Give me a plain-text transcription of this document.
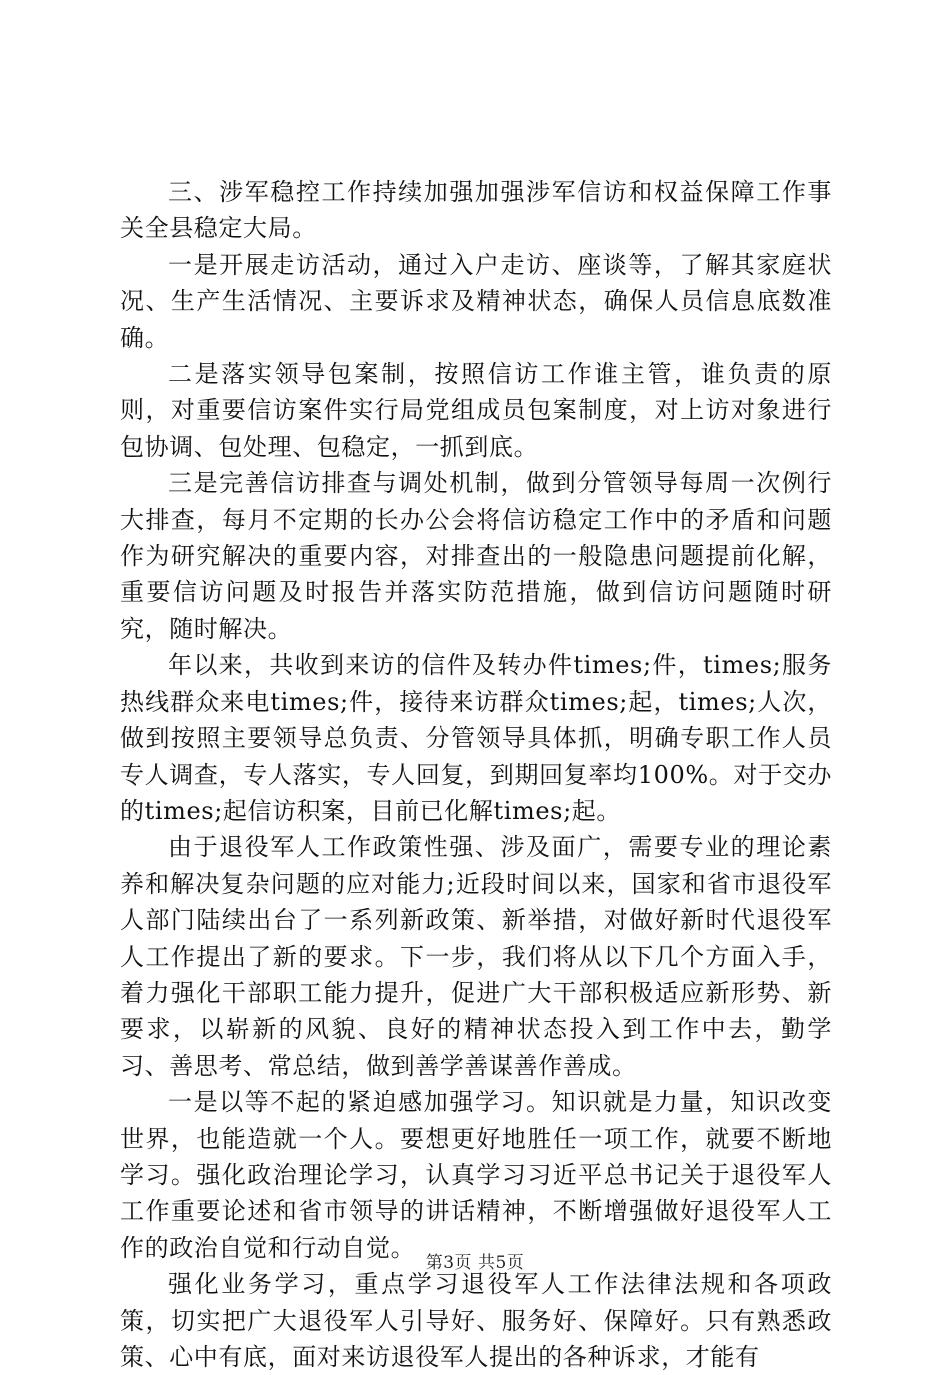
三、涉军稳控工作持续加强加强涉军信访和权益保障工作事关全县稳定大局。

一是开展走访活动，通过入户走访、座谈等，了解其家庭状况、生产生活情况、主要诉求及精神状态，确保人员信息底数准确。

二是落实领导包案制，按照信访工作谁主管，谁负责的原则，对重要信访案件实行局党组成员包案制度，对上访对象进行包协调、包处理、包稳定，一抓到底。

三是完善信访排查与调处机制，做到分管领导每周一次例行大排查，每月不定期的长办公会将信访稳定工作中的矛盾和问题作为研究解决的重要内容，对排查出的一般隐患问题提前化解，重要信访问题及时报告并落实防范措施，做到信访问题随时研究，随时解决。

年以来，共收到来访的信件及转办件times;件，times;服务热线群众来电times;件，接待来访群众times;起，times;人次，做到按照主要领导总负责、分管领导具体抓，明确专职工作人员专人调查，专人落实，专人回复，到期回复率均100%。对于交办的times;起信访积案，目前已化解times;起。

由于退役军人工作政策性强、涉及面广，需要专业的理论素养和解决复杂问题的应对能力;近段时间以来，国家和省市退役军人部门陆续出台了一系列新政策、新举措，对做好新时代退役军人工作提出了新的要求。下一步，我们将从以下几个方面入手，着力强化干部职工能力提升，促进广大干部积极适应新形势、新要求，以崭新的风貌、良好的精神状态投入到工作中去，勤学习、善思考、常总结，做到善学善谋善作善成。

一是以等不起的紧迫感加强学习。知识就是力量，知识改变世界，也能造就一个人。要想更好地胜任一项工作，就要不断地学习。强化政治理论学习，认真学习习近平总书记关于退役军人工作重要论述和省市领导的讲话精神，不断增强做好退役军人工作的政治自觉和行动自觉。

强化业务学习，重点学习退役军人工作法律法规和各项政策，切实把广大退役军人引导好、服务好、保障好。只有熟悉政策、心中有底，面对来访退役军人提出的各种诉求，才能有

第3页 共5页
